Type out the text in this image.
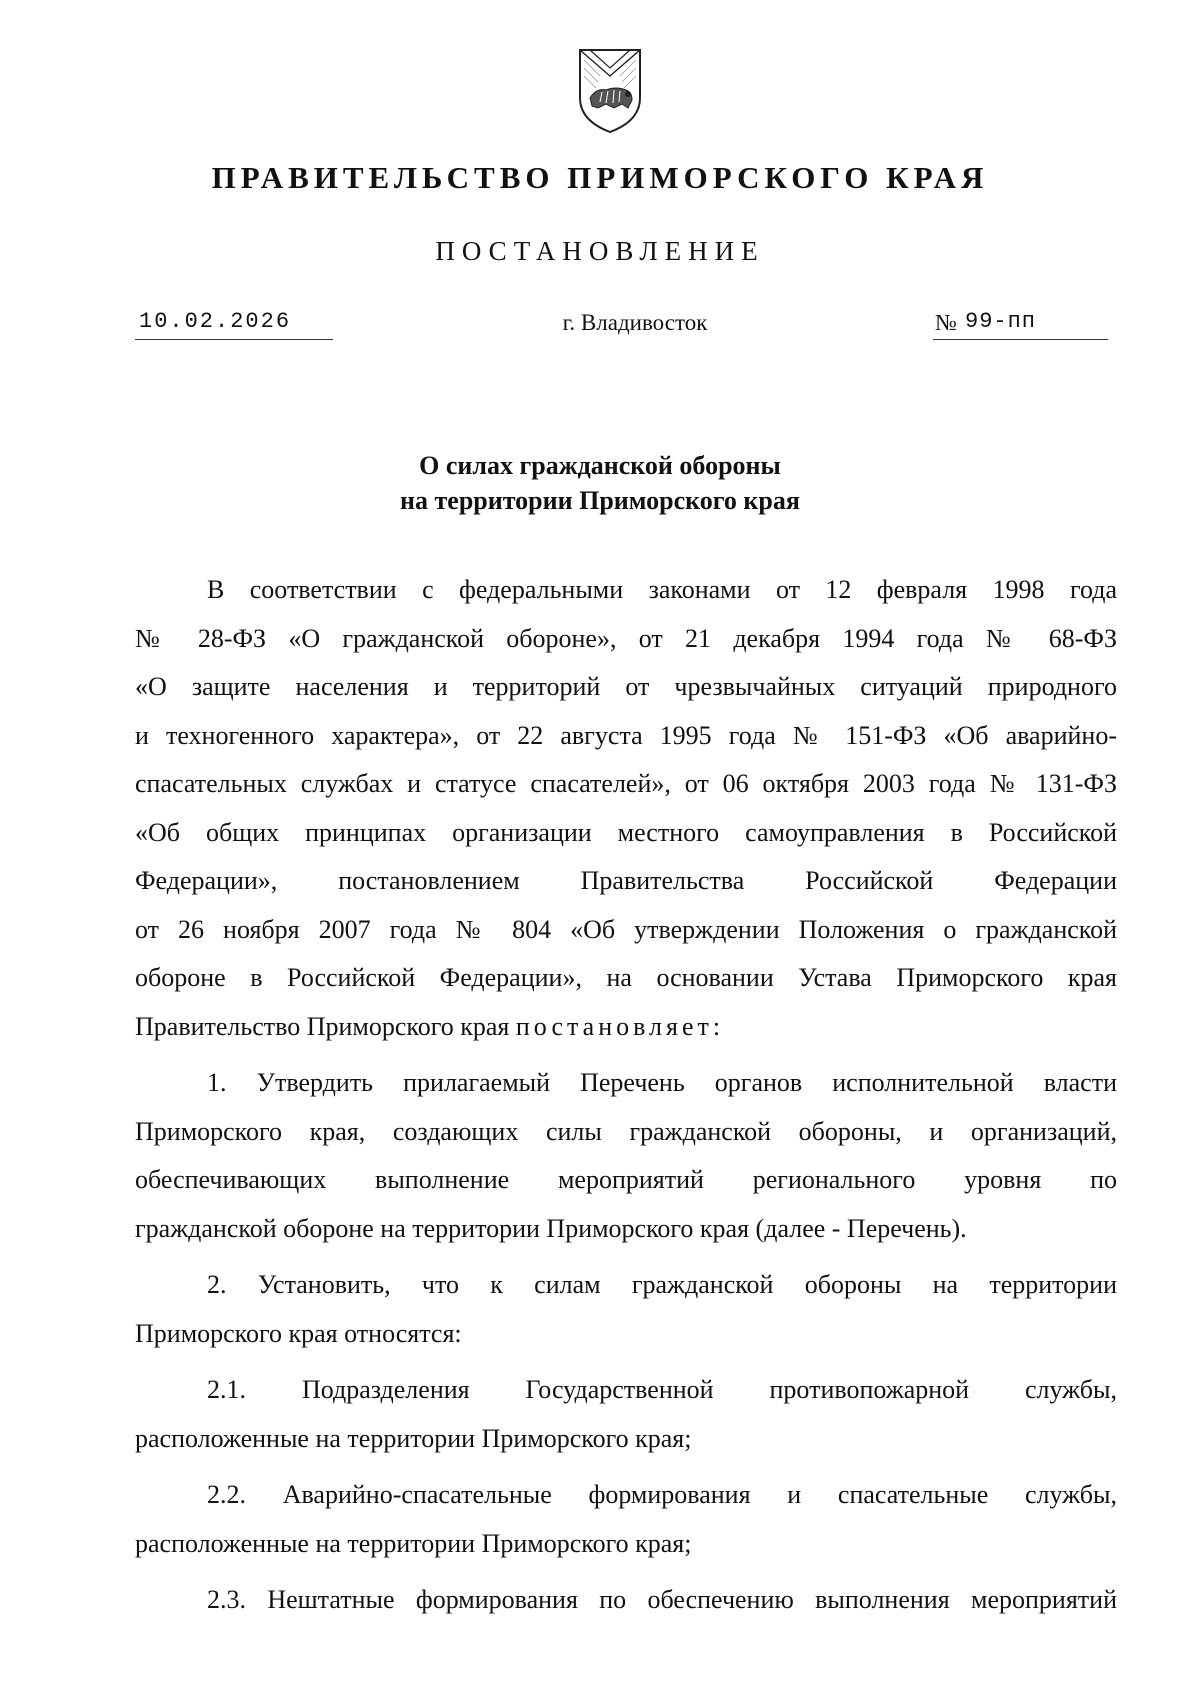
ПРАВИТЕЛЬСТВО ПРИМОРСКОГО КРАЯ
ПОСТАНОВЛЕНИЕ
10.02.2026	г. Владивосток	№ 99-пп
О силах гражданской обороны
на территории Приморского края
В соответствии с федеральными законами от 12 февраля 1998 года
№ 28-ФЗ «О гражданской обороне», от 21 декабря 1994 года № 68-ФЗ
«О защите населения и территорий от чрезвычайных ситуаций природного
и техногенного характера», от 22 августа 1995 года № 151-ФЗ «Об аварийно-
спасательных службах и статусе спасателей», от 06 октября 2003 года № 131-ФЗ
«Об общих принципах организации местного самоуправления в Российской
Федерации», постановлением Правительства Российской Федерации
от 26 ноября 2007 года № 804 «Об утверждении Положения о гражданской
обороне в Российской Федерации», на основании Устава Приморского края
Правительство Приморского края постановляет:
1. Утвердить прилагаемый Перечень органов исполнительной власти
Приморского края, создающих силы гражданской обороны, и организаций,
обеспечивающих выполнение мероприятий регионального уровня по
гражданской обороне на территории Приморского края (далее - Перечень).
2. Установить, что к силам гражданской обороны на территории
Приморского края относятся:
2.1. Подразделения Государственной противопожарной службы,
расположенные на территории Приморского края;
2.2. Аварийно-спасательные формирования и спасательные службы,
расположенные на территории Приморского края;
2.3. Нештатные формирования по обеспечению выполнения мероприятий
